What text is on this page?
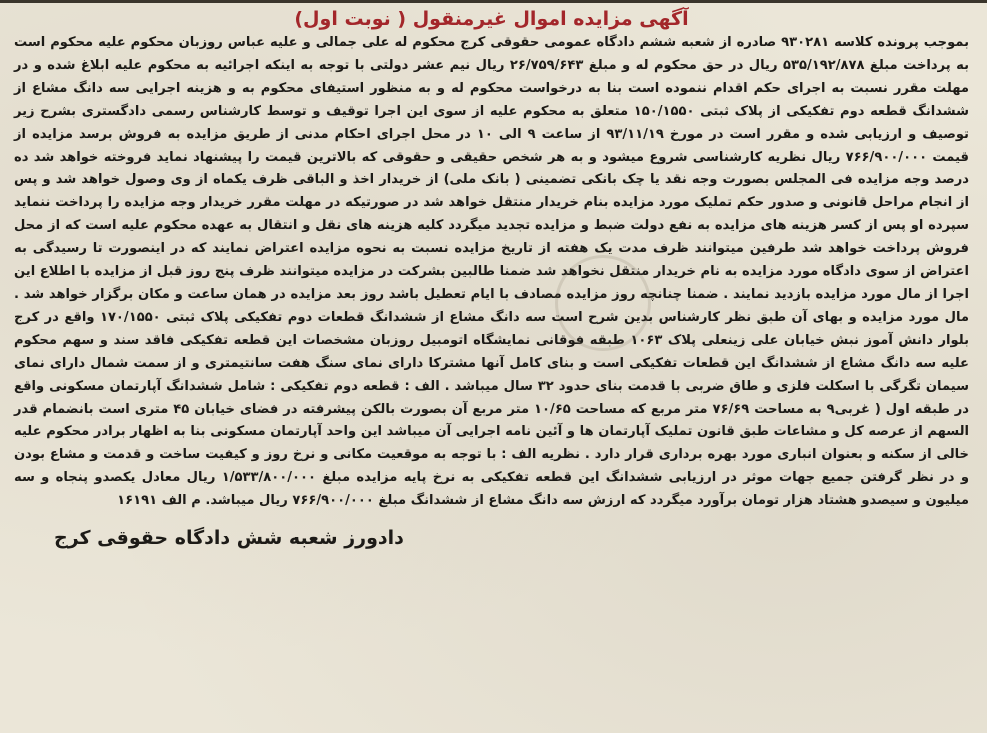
آگهی مزایده اموال غیرمنقول ( نوبت اول)

بموجب پرونده کلاسه ۹۳۰۲۸۱ صادره از شعبه ششم دادگاه عمومی حقوقی کرج محکوم له علی جمالی و علیه عباس روزبان محکوم علیه محکوم است به پرداخت مبلغ ۵۳۵/۱۹۲/۸۷۸ ریال در حق محکوم له و مبلغ ۲۶/۷۵۹/۶۴۳ ریال نیم عشر دولتی با توجه به اینکه اجرائیه به محکوم علیه ابلاغ شده و در مهلت مقرر نسبت به اجرای حکم اقدام ننموده است بنا به درخواست محکوم له و به منظور استیفای محکوم به و هزینه اجرایی سه دانگ مشاع از ششدانگ قطعه دوم تفکیکی از پلاک ثبتی ۱۵۰/۱۵۵۰ متعلق به محکوم علیه از سوی این اجرا توقیف و توسط کارشناس رسمی دادگستری بشرح زیر توصیف و ارزیابی شده و مقرر است در مورخ ۹۳/۱۱/۱۹ از ساعت ۹ الی ۱۰ در محل اجرای احکام مدنی از طریق مزایده به فروش برسد مزایده از قیمت ۷۶۶/۹۰۰/۰۰۰ ریال نظریه کارشناسی شروع میشود و به هر شخص حقیقی و حقوقی که بالاترین قیمت را پیشنهاد نماید فروخته خواهد شد ده درصد وجه مزایده فی المجلس بصورت وجه نقد یا چک بانکی تضمینی ( بانک ملی) از خریدار اخذ و الباقی ظرف یکماه از وی وصول خواهد شد و پس از انجام مراحل قانونی و صدور حکم تملیک مورد مزایده بنام خریدار منتقل خواهد شد در صورتیکه در مهلت مقرر خریدار وجه مزایده را پرداخت ننماید سپرده او پس از کسر هزینه های مزایده به نفع دولت ضبط و مزایده تجدید میگردد کلیه هزینه های نقل و انتقال به عهده محکوم علیه است که از محل فروش پرداخت خواهد شد طرفین میتوانند ظرف مدت یک هفته از تاریخ مزایده نسبت به نحوه مزایده اعتراض نمایند که در اینصورت تا رسیدگی به اعتراض از سوی دادگاه مورد مزایده به نام خریدار منتقل نخواهد شد ضمنا طالبین بشرکت در مزایده میتوانند ظرف پنج روز قبل از مزایده با اطلاع این اجرا از مال مورد مزایده بازدید نمایند . ضمنا چنانچه روز مزایده مصادف با ایام تعطیل باشد روز بعد مزایده در همان ساعت و مکان برگزار خواهد شد . مال مورد مزایده و بهای آن طبق نظر کارشناس بدین شرح است سه دانگ مشاع از ششدانگ قطعات دوم تفکیکی پلاک ثبتی ۱۷۰/۱۵۵۰ واقع در کرج بلوار دانش آموز نبش خیابان علی زینعلی پلاک ۱۰۶۳ طبقه فوقانی نمایشگاه اتومبیل روزبان مشخصات این قطعه تفکیکی فاقد سند و سهم محکوم علیه سه دانگ مشاع از ششدانگ این قطعات تفکیکی است و بنای کامل آنها مشترکا دارای نمای سنگ هفت سانتیمتری و از سمت شمال دارای نمای سیمان تگرگی با اسکلت فلزی و طاق ضربی با قدمت بنای حدود ۳۲ سال میباشد . الف : قطعه دوم تفکیکی : شامل ششدانگ آپارتمان مسکونی واقع در طبقه اول ( غربی۹ به مساحت ۷۶/۶۹ متر مربع که مساحت ۱۰/۶۵ متر مربع آن بصورت بالکن پیشرفته در فضای خیابان ۴۵ متری است بانضمام قدر السهم از عرصه کل و مشاعات طبق قانون تملیک آپارتمان ها و آئین نامه اجرایی آن میباشد این واحد آپارتمان مسکونی بنا به اظهار برادر محکوم علیه خالی از سکنه و بعنوان انباری مورد بهره برداری قرار دارد . نظریه الف : با توجه به موقعیت مکانی و نرخ روز و کیفیت ساخت و قدمت و مشاع بودن و در نظر گرفتن جمیع جهات موثر در ارزیابی ششدانگ این قطعه تفکیکی به نرخ پایه مزایده مبلغ ۱/۵۳۳/۸۰۰/۰۰۰ ریال معادل یکصدو پنجاه و سه میلیون و سیصدو هشتاد هزار تومان برآورد میگردد که ارزش سه دانگ مشاع از ششدانگ مبلغ ۷۶۶/۹۰۰/۰۰۰ ریال میباشد. م الف ۱۶۱۹۱

دادورز شعبه شش دادگاه حقوقی کرج
